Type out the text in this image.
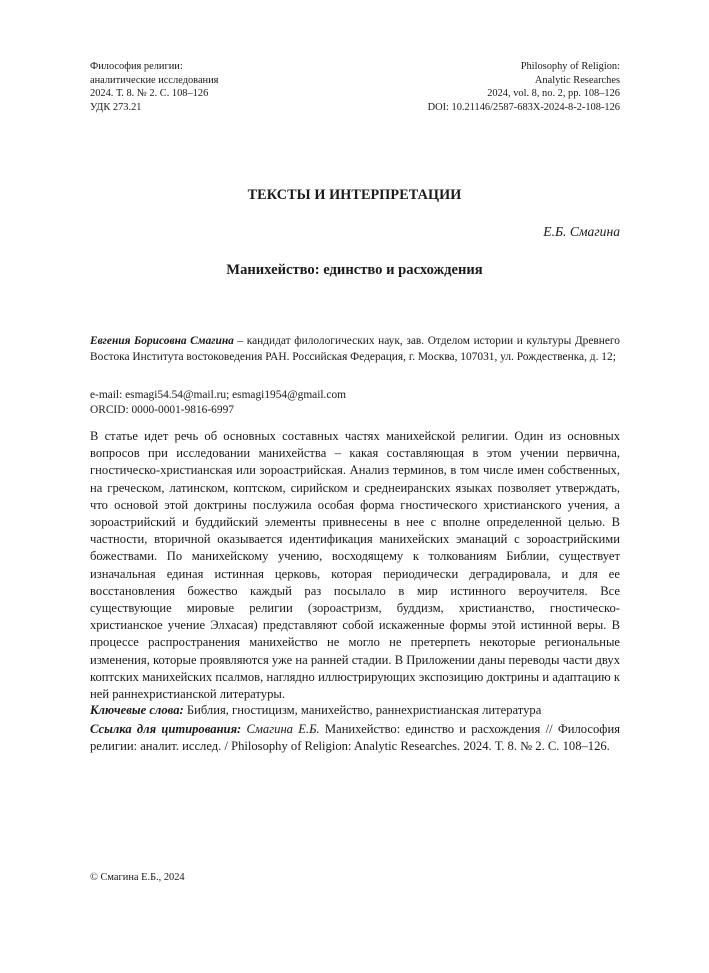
Философия религии:
аналитические исследования
2024. Т. 8. № 2. С. 108–126
УДК 273.21
Philosophy of Religion:
Analytic Researches
2024, vol. 8, no. 2, pp. 108–126
DOI: 10.21146/2587-683X-2024-8-2-108-126
ТЕКСТЫ И ИНТЕРПРЕТАЦИИ
Е.Б. Смагина
Манихейство: единство и расхождения
Евгения Борисовна Смагина – кандидат филологических наук, зав. Отделом истории и культуры Древнего Востока Института востоковедения РАН. Российская Федерация, г. Москва, 107031, ул. Рождественка, д. 12;
e-mail: esmagi54.54@mail.ru; esmagi1954@gmail.com
ORCID: 0000-0001-9816-6997
В статье идет речь об основных составных частях манихейской религии. Один из основных вопросов при исследовании манихейства – какая составляющая в этом учении первична, гностическо-христианская или зороастрийская. Анализ терминов, в том числе имен собственных, на греческом, латинском, коптском, сирийском и среднеиранских языках позволяет утверждать, что основой этой доктрины послужила особая форма гностического христианского учения, а зороастрийский и буддийский элементы привнесены в нее с вполне определенной целью. В частности, вторичной оказывается идентификация манихейских эманаций с зороастрийскими божествами. По манихейскому учению, восходящему к толкованиям Библии, существует изначальная единая истинная церковь, которая периодически деградировала, и для ее восстановления божество каждый раз посылало в мир истинного вероучителя. Все существующие мировые религии (зороастризм, буддизм, христианство, гностическо-христианское учение Элхасая) представляют собой искаженные формы этой истинной веры. В процессе распространения манихейство не могло не претерпеть некоторые региональные изменения, которые проявляются уже на ранней стадии. В Приложении даны переводы части двух коптских манихейских псалмов, наглядно иллюстрирующих экспозицию доктрины и адаптацию к ней раннехристианской литературы.
Ключевые слова: Библия, гностицизм, манихейство, раннехристианская литература
Ссылка для цитирования: Смагина Е.Б. Манихейство: единство и расхождения // Философия религии: аналит. исслед. / Philosophy of Religion: Analytic Researches. 2024. Т. 8. № 2. С. 108–126.
© Смагина Е.Б., 2024
